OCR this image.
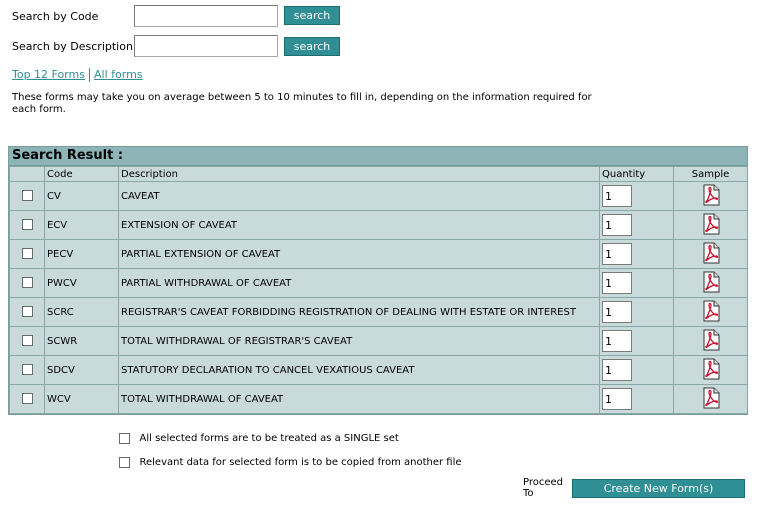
Search by Code	search
Search by Description	search
Top 12 Forms All forms
These forms may take you on average between 5 to 10 minutes to fill in, depending on the information required for each form.
Search Result :
	Code	Description	Quantity	Sample
	CV	CAVEAT	1	
	ECV	EXTENSION OF CAVEAT	1	
	PECV	PARTIAL EXTENSION OF CAVEAT	1	
	PWCV	PARTIAL WITHDRAWAL OF CAVEAT	1	
	SCRC	REGISTRAR'S CAVEAT FORBIDDING REGISTRATION OF DEALING WITH ESTATE OR INTEREST	1	
	SCWR	TOTAL WITHDRAWAL OF REGISTRAR'S CAVEAT	1	
	SDCV	STATUTORY DECLARATION TO CANCEL VEXATIOUS CAVEAT	1	
	WCV	TOTAL WITHDRAWAL OF CAVEAT	1	
All selected forms are to be treated as a SINGLE set
Relevant data for selected form is to be copied from another file
Proceed
To	Create New Form(s)
